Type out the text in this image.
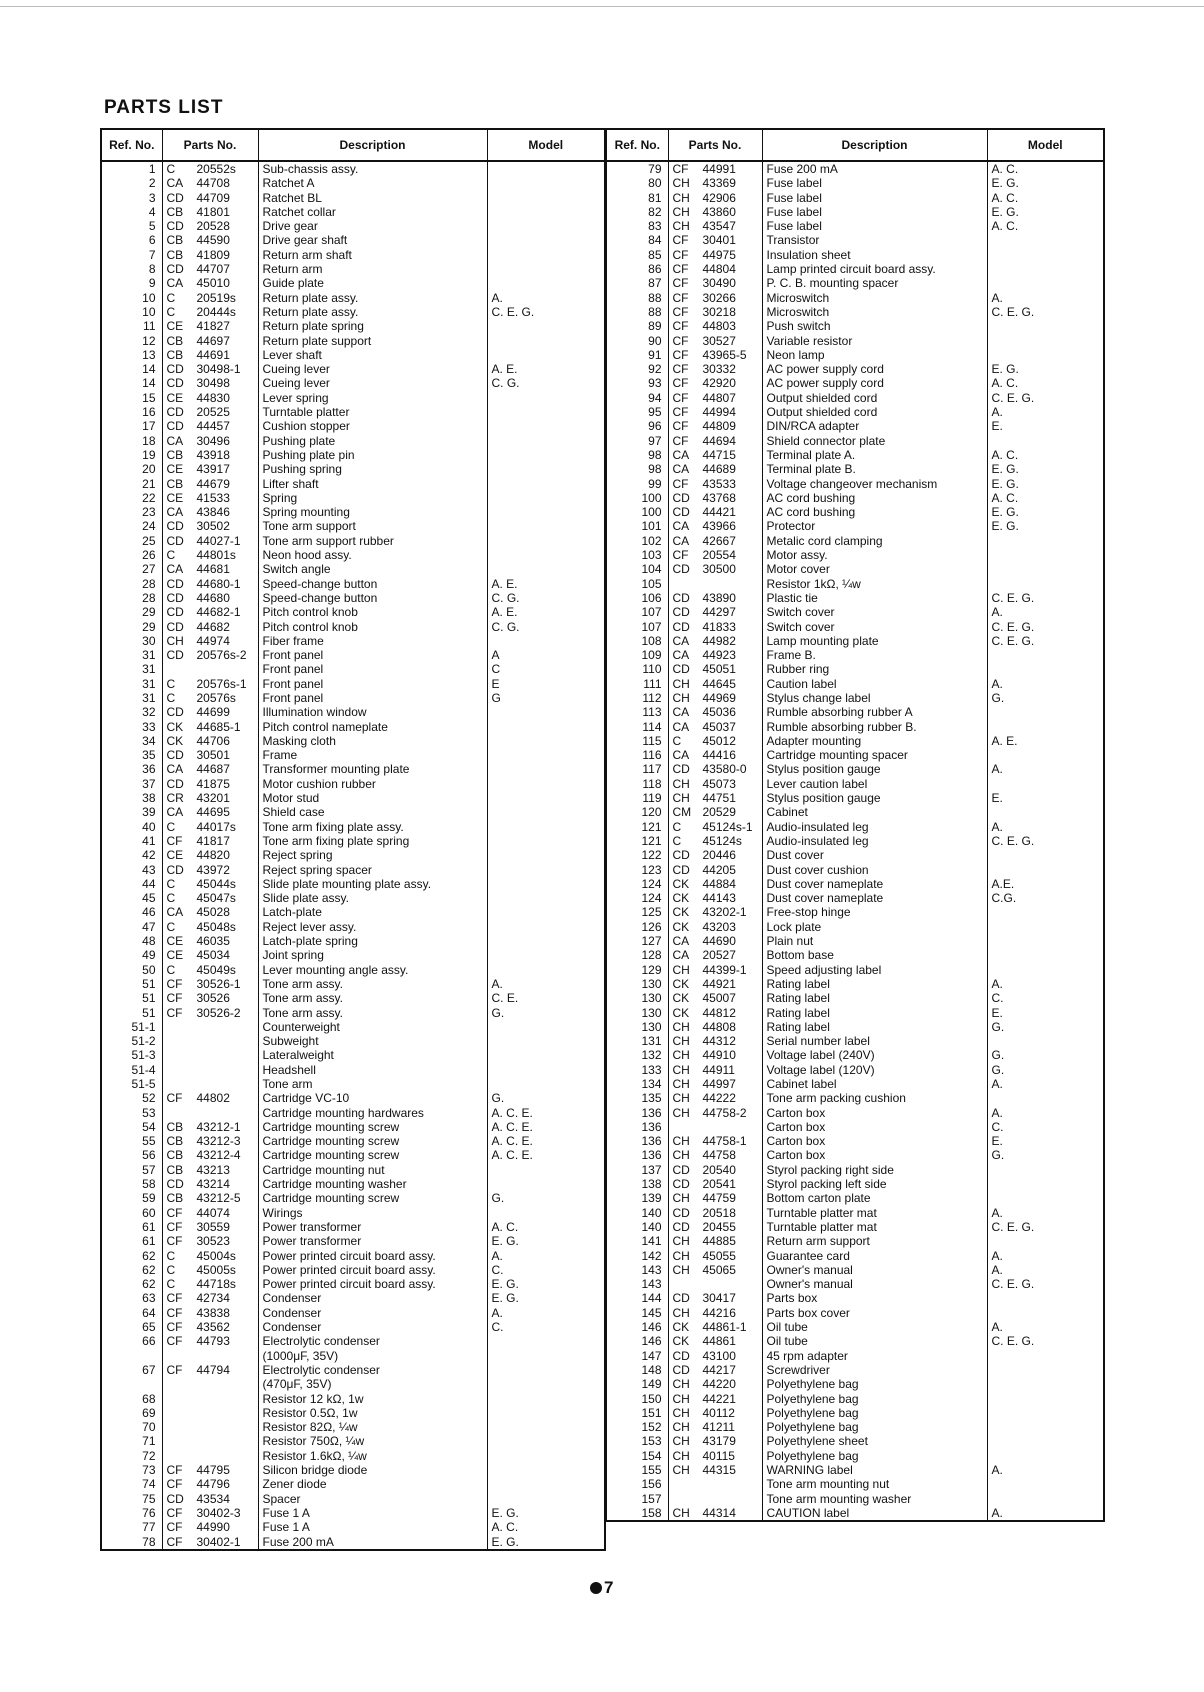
PARTS LIST
Ref. No.	Parts No.	Description	Model
1	C 20552s	Sub-chassis assy.	
2	CA 44708	Ratchet A	
3	CD 44709	Ratchet BL	
4	CB 41801	Ratchet collar	
5	CD 20528	Drive gear	
6	CB 44590	Drive gear shaft	
7	CB 41809	Return arm shaft	
8	CD 44707	Return arm	
9	CA 45010	Guide plate	
10	C 20519s	Return plate assy.	A.
10	C 20444s	Return plate assy.	C. E. G.
11	CE 41827	Return plate spring	
12	CB 44697	Return plate support	
13	CB 44691	Lever shaft	
14	CD 30498-1	Cueing lever	A. E.
14	CD 30498	Cueing lever	C. G.
15	CE 44830	Lever spring	
16	CD 20525	Turntable platter	
17	CD 44457	Cushion stopper	
18	CA 30496	Pushing plate	
19	CB 43918	Pushing plate pin	
20	CE 43917	Pushing spring	
21	CB 44679	Lifter shaft	
22	CE 41533	Spring	
23	CA 43846	Spring mounting	
24	CD 30502	Tone arm support	
25	CD 44027-1	Tone arm support rubber	
26	C 44801s	Neon hood assy.	
27	CA 44681	Switch angle	
28	CD 44680-1	Speed-change button	A. E.
28	CD 44680	Speed-change button	C. G.
29	CD 44682-1	Pitch control knob	A. E.
29	CD 44682	Pitch control knob	C. G.
30	CH 44974	Fiber frame	
31	CD 20576s-2	Front panel	A
31		Front panel	C
31	C 20576s-1	Front panel	E
31	C 20576s	Front panel	G
32	CD 44699	Illumination window	
33	CK 44685-1	Pitch control nameplate	
34	CK 44706	Masking cloth	
35	CD 30501	Frame	
36	CA 44687	Transformer mounting plate	
37	CD 41875	Motor cushion rubber	
38	CR 43201	Motor stud	
39	CA 44695	Shield case	
40	C 44017s	Tone arm fixing plate assy.	
41	CF 41817	Tone arm fixing plate spring	
42	CE 44820	Reject spring	
43	CD 43972	Reject spring spacer	
44	C 45044s	Slide plate mounting plate assy.	
45	C 45047s	Slide plate assy.	
46	CA 45028	Latch-plate	
47	C 45048s	Reject lever assy.	
48	CE 46035	Latch-plate spring	
49	CE 45034	Joint spring	
50	C 45049s	Lever mounting angle assy.	
51	CF 30526-1	Tone arm assy.	A.
51	CF 30526	Tone arm assy.	C. E.
51	CF 30526-2	Tone arm assy.	G.
51-1		Counterweight	
51-2		Subweight	
51-3		Lateralweight	
51-4		Headshell	
51-5		Tone arm	
52	CF 44802	Cartridge VC-10	G.
53		Cartridge mounting hardwares	A. C. E.
54	CB 43212-1	Cartridge mounting screw	A. C. E.
55	CB 43212-3	Cartridge mounting screw	A. C. E.
56	CB 43212-4	Cartridge mounting screw	A. C. E.
57	CB 43213	Cartridge mounting nut	
58	CD 43214	Cartridge mounting washer	
59	CB 43212-5	Cartridge mounting screw	G.
60	CF 44074	Wirings	
61	CF 30559	Power transformer	A. C.
61	CF 30523	Power transformer	E. G.
62	C 45004s	Power printed circuit board assy.	A.
62	C 45005s	Power printed circuit board assy.	C.
62	C 44718s	Power printed circuit board assy.	E. G.
63	CF 42734	Condenser	E. G.
64	CF 43838	Condenser	A.
65	CF 43562	Condenser	C.
66	CF 44793	Electrolytic condenser	
		(1000μF, 35V)	
67	CF 44794	Electrolytic condenser	
		(470μF, 35V)	
68		Resistor 12 kΩ, 1w	
69		Resistor 0.5Ω, 1w	
70		Resistor 82Ω, ¼w	
71		Resistor 750Ω, ¼w	
72		Resistor 1.6kΩ, ¼w	
73	CF 44795	Silicon bridge diode	
74	CF 44796	Zener diode	
75	CD 43534	Spacer	
76	CF 30402-3	Fuse 1 A	E. G.
77	CF 44990	Fuse 1 A	A. C.
78	CF 30402-1	Fuse 200 mA	E. G.
Ref. No.	Parts No.	Description	Model
79	CF 44991	Fuse 200 mA	A. C.
80	CH 43369	Fuse label	E. G.
81	CH 42906	Fuse label	A. C.
82	CH 43860	Fuse label	E. G.
83	CH 43547	Fuse label	A. C.
84	CF 30401	Transistor	
85	CF 44975	Insulation sheet	
86	CF 44804	Lamp printed circuit board assy.	
87	CF 30490	P. C. B. mounting spacer	
88	CF 30266	Microswitch	A.
88	CF 30218	Microswitch	C. E. G.
89	CF 44803	Push switch	
90	CF 30527	Variable resistor	
91	CF 43965-5	Neon lamp	
92	CF 30332	AC power supply cord	E. G.
93	CF 42920	AC power supply cord	A. C.
94	CF 44807	Output shielded cord	C. E. G.
95	CF 44994	Output shielded cord	A.
96	CF 44809	DIN/RCA adapter	E.
97	CF 44694	Shield connector plate	
98	CA 44715	Terminal plate A.	A. C.
98	CA 44689	Terminal plate B.	E. G.
99	CF 43533	Voltage changeover mechanism	E. G.
100	CD 43768	AC cord bushing	A. C.
100	CD 44421	AC cord bushing	E. G.
101	CA 43966	Protector	E. G.
102	CA 42667	Metalic cord clamping	
103	CF 20554	Motor assy.	
104	CD 30500	Motor cover	
105		Resistor 1kΩ, ¼w	
106	CD 43890	Plastic tie	C. E. G.
107	CD 44297	Switch cover	A.
107	CD 41833	Switch cover	C. E. G.
108	CA 44982	Lamp mounting plate	C. E. G.
109	CA 44923	Frame B.	
110	CD 45051	Rubber ring	
111	CH 44645	Caution label	A.
112	CH 44969	Stylus change label	G.
113	CA 45036	Rumble absorbing rubber A	
114	CA 45037	Rumble absorbing rubber B.	
115	C 45012	Adapter mounting	A. E.
116	CA 44416	Cartridge mounting spacer	
117	CD 43580-0	Stylus position gauge	A.
118	CH 45073	Lever caution label	
119	CH 44751	Stylus position gauge	E.
120	CM 20529	Cabinet	
121	C 45124s-1	Audio-insulated leg	A.
121	C 45124s	Audio-insulated leg	C. E. G.
122	CD 20446	Dust cover	
123	CD 44205	Dust cover cushion	
124	CK 44884	Dust cover nameplate	A.E.
124	CK 44143	Dust cover nameplate	C.G.
125	CK 43202-1	Free-stop hinge	
126	CK 43203	Lock plate	
127	CA 44690	Plain nut	
128	CA 20527	Bottom base	
129	CH 44399-1	Speed adjusting label	
130	CK 44921	Rating label	A.
130	CK 45007	Rating label	C.
130	CK 44812	Rating label	E.
130	CH 44808	Rating label	G.
131	CH 44312	Serial number label	
132	CH 44910	Voltage label (240V)	G.
133	CH 44911	Voltage label (120V)	G.
134	CH 44997	Cabinet label	A.
135	CH 44222	Tone arm packing cushion	
136	CH 44758-2	Carton box	A.
136		Carton box	C.
136	CH 44758-1	Carton box	E.
136	CH 44758	Carton box	G.
137	CD 20540	Styrol packing right side	
138	CD 20541	Styrol packing left side	
139	CH 44759	Bottom carton plate	
140	CD 20518	Turntable platter mat	A.
140	CD 20455	Turntable platter mat	C. E. G.
141	CH 44885	Return arm support	
142	CH 45055	Guarantee card	A.
143	CH 45065	Owner's manual	A.
143		Owner's manual	C. E. G.
144	CD 30417	Parts box	
145	CH 44216	Parts box cover	
146	CK 44861-1	Oil tube	A.
146	CK 44861	Oil tube	C. E. G.
147	CD 43100	45 rpm adapter	
148	CD 44217	Screwdriver	
149	CH 44220	Polyethylene bag	
150	CH 44221	Polyethylene bag	
151	CH 40112	Polyethylene bag	
152	CH 41211	Polyethylene bag	
153	CH 43179	Polyethylene sheet	
154	CH 40115	Polyethylene bag	
155	CH 44315	WARNING label	A.
156		Tone arm mounting nut	
157		Tone arm mounting washer	
158	CH 44314	CAUTION label	A.
7
